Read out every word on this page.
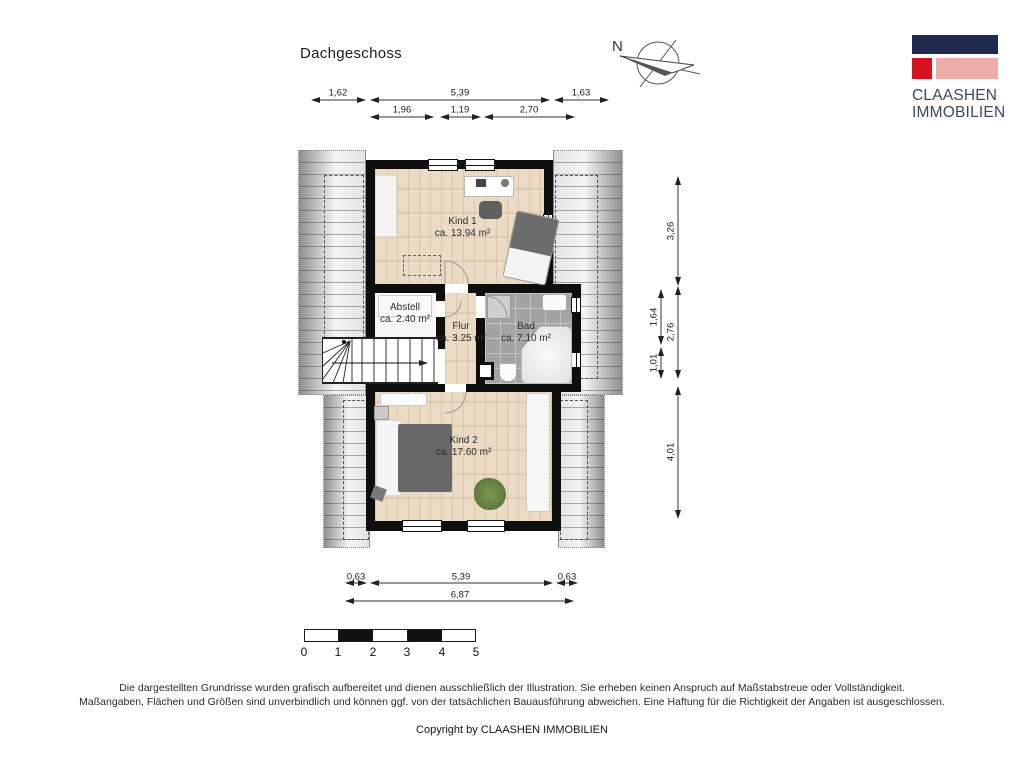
Dachgeschoss
Kind 1
ca. 13.94 m²
Abstell
ca. 2.40 m²
Flur
ca. 3.25 m²
Bad
ca. 7.10 m²
Kind 2
ca. 17.60 m²
N
CLAASHEN
IMMOBILIEN
1,62	5,39	1,63
1,96	1,19	2,70
3,26
2,76
4,01
1,64
1,01
0,63	5,39	0,63
6,87
0 1 2 3 4 5
Die dargestellten Grundrisse wurden grafisch aufbereitet und dienen ausschließlich der Illustration. Sie erheben keinen Anspruch auf Maßstabstreue oder Vollständigkeit.
Maßangaben, Flächen und Größen sind unverbindlich und können ggf. von der tatsächlichen Bauausführung abweichen. Eine Haftung für die Richtigkeit der Angaben ist ausgeschlossen.
Copyright by CLAASHEN IMMOBILIEN
